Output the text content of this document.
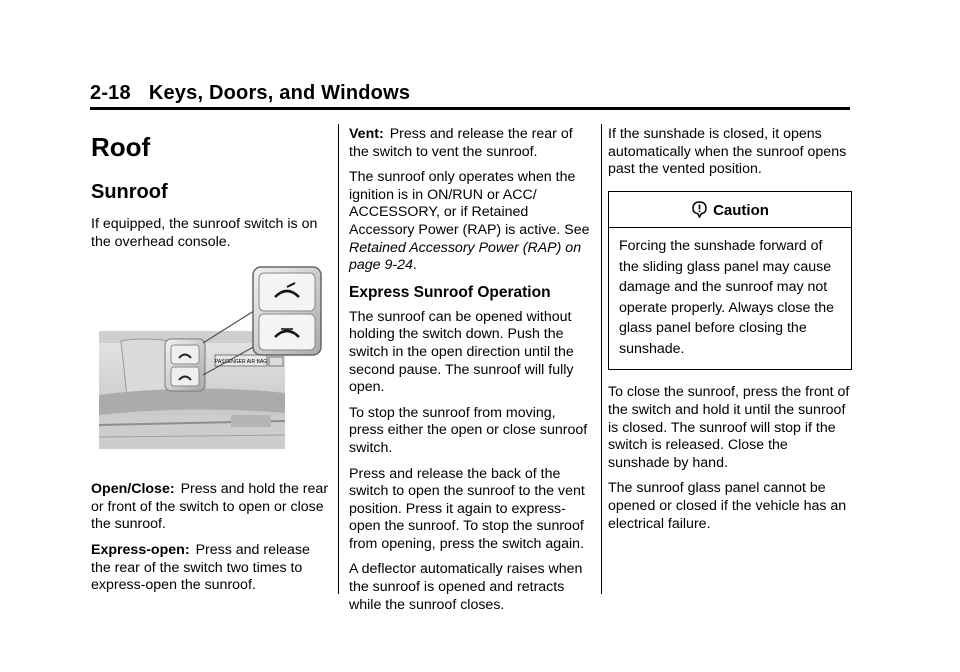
2-18 Keys, Doors, and Windows
Roof
Sunroof

If equipped, the sunroof switch is on the overhead console.

PASSENGER AIR BAG

Open/Close: Press and hold the rear or front of the switch to open or close the sunroof.

Express-open: Press and release the rear of the switch two times to express-open the sunroof.

Vent: Press and release the rear of the switch to vent the sunroof.

The sunroof only operates when the ignition is in ON/RUN or ACC/ ACCESSORY, or if Retained Accessory Power (RAP) is active. See Retained Accessory Power (RAP) on page 9-24.

Express Sunroof Operation

The sunroof can be opened without holding the switch down. Push the switch in the open direction until the second pause. The sunroof will fully open.

To stop the sunroof from moving, press either the open or close sunroof switch.

Press and release the back of the switch to open the sunroof to the vent position. Press it again to express-open the sunroof. To stop the sunroof from opening, press the switch again.

A deflector automatically raises when the sunroof is opened and retracts while the sunroof closes.

If the sunshade is closed, it opens automatically when the sunroof opens past the vented position.

Caution
Forcing the sunshade forward of the sliding glass panel may cause damage and the sunroof may not operate properly. Always close the glass panel before closing the sunshade.

To close the sunroof, press the front of the switch and hold it until the sunroof is closed. The sunroof will stop if the switch is released. Close the sunshade by hand.

The sunroof glass panel cannot be opened or closed if the vehicle has an electrical failure.
